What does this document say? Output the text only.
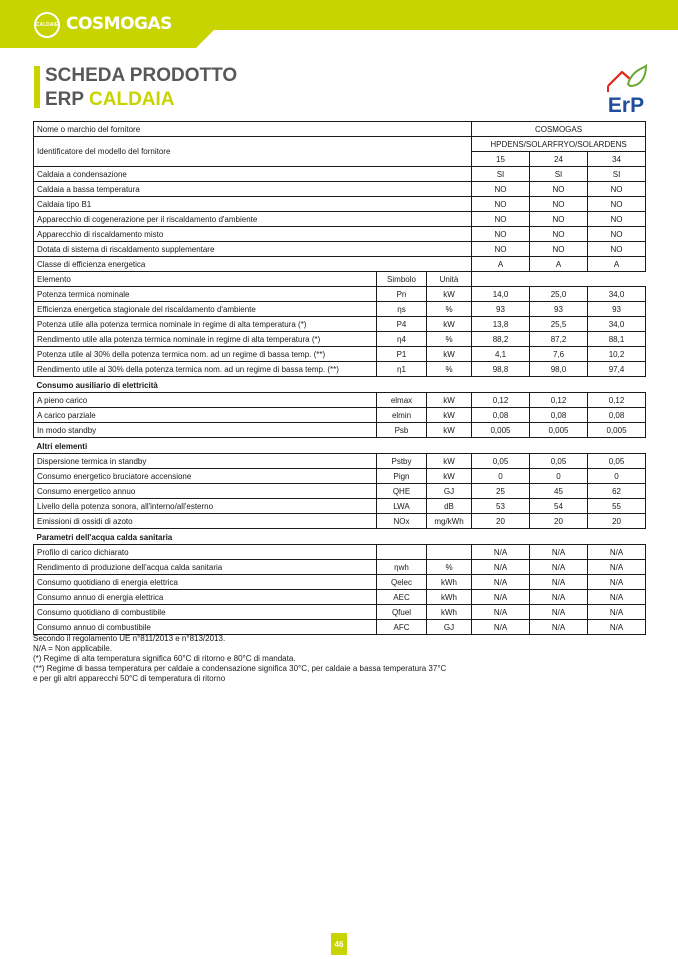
CALDAIE COSMOGAS
SCHEDA PRODOTTO
ERP CALDAIA	ErP
Nome o marchio del fornitore			COSMOGAS		
Identificatore del modello del fornitore			HPDENS/SOLARFRYO/SOLARDENS		
			15	24	34
Caldaia a condensazione			SI	SI	SI
Caldaia a bassa temperatura			NO	NO	NO
Caldaia tipo B1			NO	NO	NO
Apparecchio di cogenerazione per il riscaldamento d'ambiente			NO	NO	NO
Apparecchio di riscaldamento misto			NO	NO	NO
Dotata di sistema di riscaldamento supplementare			NO	NO	NO
Classe di efficienza energetica			A	A	A
Elemento	Simbolo	Unità			
Potenza termica nominale	Pn	kW	14,0	25,0	34,0
Efficienza energetica stagionale del riscaldamento d'ambiente	ηs	%	93	93	93
Potenza utile alla potenza termica nominale in regime di alta temperatura (*)	P4	kW	13,8	25,5	34,0
Rendimento utile alla potenza termica nominale in regime di alta temperatura (*)	η4	%	88,2	87,2	88,1
Potenza utile al 30% della potenza termica nom. ad un regime di bassa temp. (**)	P1	kW	4,1	7,6	10,2
Rendimento utile al 30% della potenza termica nom. ad un regime di bassa temp. (**)	η1	%	98,8	98,0	97,4
Consumo ausiliario di elettricità					
A pieno carico	elmax	kW	0,12	0,12	0,12
A carico parziale	elmin	kW	0,08	0,08	0,08
In modo standby	Psb	kW	0,005	0,005	0,005
Altri elementi					
Dispersione termica in standby	Pstby	kW	0,05	0,05	0,05
Consumo energetico bruciatore accensione	Pign	kW	0	0	0
Consumo energetico annuo	QHE	GJ	25	45	62
Livello della potenza sonora, all'interno/all'esterno	LWA	dB	53	54	55
Emissioni di ossidi di azoto	NOx	mg/kWh	20	20	20
Parametri dell'acqua calda sanitaria					
Profilo di carico dichiarato			N/A	N/A	N/A
Rendimento di produzione dell'acqua calda sanitaria	ηwh	%	N/A	N/A	N/A
Consumo quotidiano di energia elettrica	Qelec	kWh	N/A	N/A	N/A
Consumo annuo di energia elettrica	AEC	kWh	N/A	N/A	N/A
Consumo quotidiano di combustibile	Qfuel	kWh	N/A	N/A	N/A
Consumo annuo di combustibile	AFC	GJ	N/A	N/A	N/A
Secondo il regolamento UE n°811/2013 e n°813/2013.
N/A = Non applicabile.
(*) Regime di alta temperatura significa 60°C di ritorno e 80°C di mandata.
(**) Regime di bassa temperatura per caldaie a condensazione significa 30°C, per caldaie a bassa temperatura 37°C
e per gli altri apparecchi 50°C di temperatura di ritorno
46
